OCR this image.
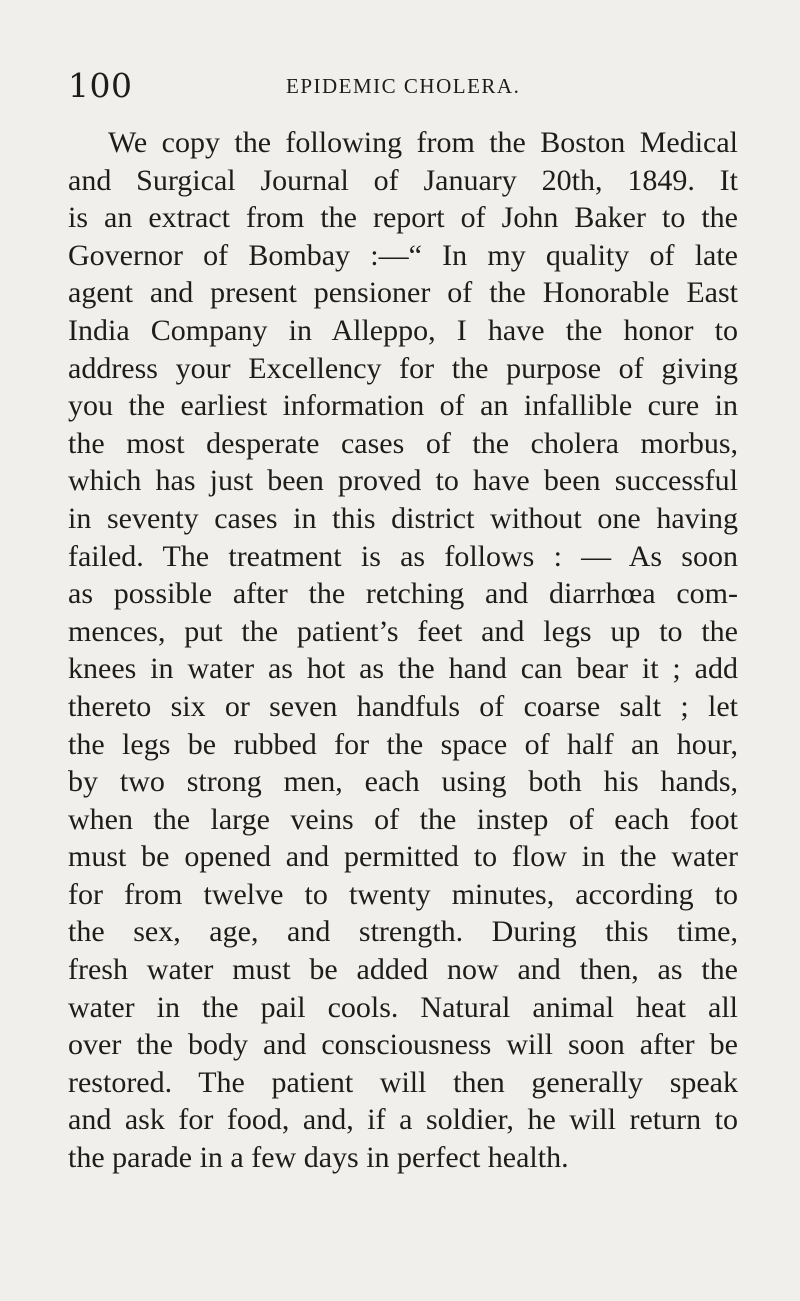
100	EPIDEMIC CHOLERA.
We copy the following from the Boston Medical
and Surgical Journal of January 20th, 1849. It
is an extract from the report of John Baker to the
Governor of Bombay :—“ In my quality of late
agent and present pensioner of the Honorable East
India Company in Alleppo, I have the honor to
address your Excellency for the purpose of giving
you the earliest information of an infallible cure in
the most desperate cases of the cholera morbus,
which has just been proved to have been successful
in seventy cases in this district without one having
failed. The treatment is as follows : — As soon
as possible after the retching and diarrhœa com-
mences, put the patient’s feet and legs up to the
knees in water as hot as the hand can bear it ; add
thereto six or seven handfuls of coarse salt ; let
the legs be rubbed for the space of half an hour,
by two strong men, each using both his hands,
when the large veins of the instep of each foot
must be opened and permitted to flow in the water
for from twelve to twenty minutes, according to
the sex, age, and strength. During this time,
fresh water must be added now and then, as the
water in the pail cools. Natural animal heat all
over the body and consciousness will soon after be
restored. The patient will then generally speak
and ask for food, and, if a soldier, he will return to
the parade in a few days in perfect health.
